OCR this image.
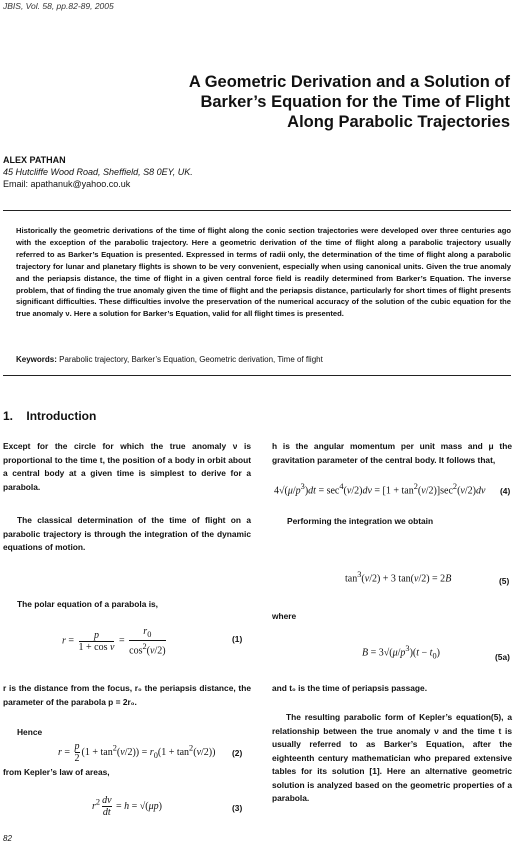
JBIS, Vol. 58, pp.82-89, 2005
A Geometric Derivation and a Solution of
Barker’s Equation for the Time of Flight
Along Parabolic Trajectories
ALEX PATHAN
45 Hutcliffe Wood Road, Sheffield, S8 0EY, UK.
Email: apathanuk@yahoo.co.uk
Historically the geometric derivations of the time of flight along the conic section trajectories were developed over three centuries ago with the exception of the parabolic trajectory. Here a geometric derivation of the time of flight along a parabolic trajectory usually referred to as Barker’s Equation is presented. Expressed in terms of radii only, the determination of the time of flight along a parabolic trajectory for lunar and planetary flights is shown to be very convenient, especially when using canonical units. Given the true anomaly and the periapsis distance, the time of flight in a given central force field is readily determined from Barker’s Equation. The inverse problem, that of finding the true anomaly given the time of flight and the periapsis distance, particularly for short times of flight presents significant difficulties. These difficulties involve the preservation of the numerical accuracy of the solution of the cubic equation for the true anomaly ν. Here a solution for Barker’s Equation, valid for all flight times is presented.
Keywords: Parabolic trajectory, Barker’s Equation, Geometric derivation, Time of flight
1. Introduction
Except for the circle for which the true anomaly ν is proportional to the time t, the position of a body in orbit about a central body at a given time is simplest to derive for a parabola.
The classical determination of the time of flight on a parabolic trajectory is through the integration of the dynamic equations of motion.
The polar equation of a parabola is,
$r = \frac{p}{\text{1 + cos ν}} = \frac{r_0}{\cos^2(\nu/2)}$	(1)
r is the distance from the focus, r₀ the periapsis distance, the parameter of the parabola p = 2r₀.
Hence
$r = \frac{p}{2} (1 + \tan^2(\nu/2)) = r_0(1 + \tan^2(\nu/2))$ (2)
from Kepler’s law of areas,
$r^2 \frac{d\nu}{dt} = h = √(\mu p)$	(3)
h is the angular momentum per unit mass and μ the gravitation parameter of the central body. It follows that,
$4√(\mu/p^3)dt = \sec^4(\nu/2)d\nu = [1 + \tan^2(\nu/2)]\sec^2(\nu/2)d\nu$ (4)
Performing the integration we obtain
$\tan^3(\nu/2) + 3$ tan(ν/2) = 2B	(5)
where
$B = 3√(\mu/p^3)(t - t_0)$	(5a)
and t₀ is the time of periapsis passage.
The resulting parabolic form of Kepler’s equation(5), a relationship between the true anomaly ν and the time t is usually referred to as Barker’s Equation, after the eighteenth century mathematician who prepared extensive tables for its solution [1]. Here an alternative geometric solution is analyzed based on the geometric properties of a parabola.
82
